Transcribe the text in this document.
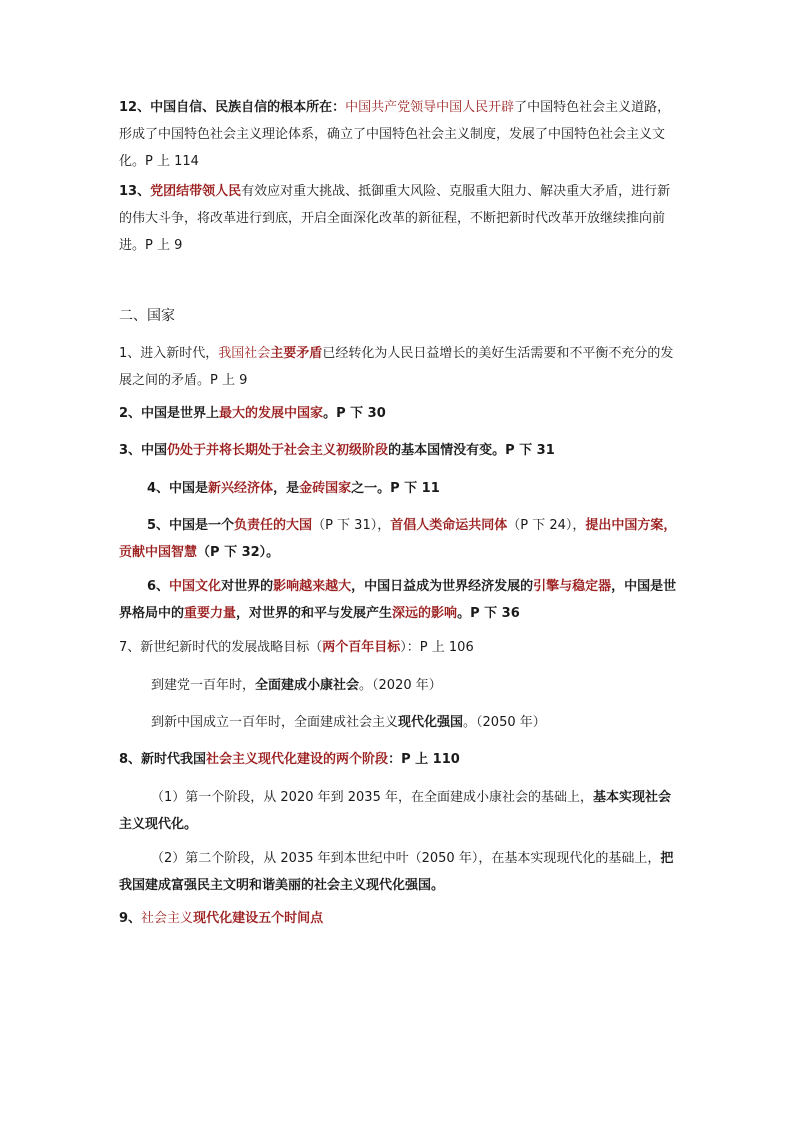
12、中国自信、民族自信的根本所在：中国共产党领导中国人民开辟了中国特色社会主义道路，形成了中国特色社会主义理论体系，确立了中国特色社会主义制度，发展了中国特色社会主义文化。P 上 114

13、党团结带领人民有效应对重大挑战、抵御重大风险、克服重大阻力、解决重大矛盾，进行新的伟大斗争，将改革进行到底，开启全面深化改革的新征程，不断把新时代改革开放继续推向前进。P 上 9

二、国家

1、进入新时代，我国社会主要矛盾已经转化为人民日益增长的美好生活需要和不平衡不充分的发展之间的矛盾。P 上 9

2、中国是世界上最大的发展中国家。P 下 30

3、中国仍处于并将长期处于社会主义初级阶段的基本国情没有变。P 下 31

4、中国是新兴经济体，是金砖国家之一。P 下 11

5、中国是一个负责任的大国（P 下 31），首倡人类命运共同体（P 下 24），提出中国方案，贡献中国智慧（P 下 32）。

6、中国文化对世界的影响越来越大，中国日益成为世界经济发展的引擎与稳定器，中国是世界格局中的重要力量，对世界的和平与发展产生深远的影响。P 下 36

7、新世纪新时代的发展战略目标（两个百年目标）：P 上 106

到建党一百年时，全面建成小康社会。（2020 年）

到新中国成立一百年时，全面建成社会主义现代化强国。（2050 年）

8、新时代我国社会主义现代化建设的两个阶段：P 上 110

（1）第一个阶段，从 2020 年到 2035 年，在全面建成小康社会的基础上，基本实现社会主义现代化。

（2）第二个阶段，从 2035 年到本世纪中叶（2050 年），在基本实现现代化的基础上，把我国建成富强民主文明和谐美丽的社会主义现代化强国。

9、社会主义现代化建设五个时间点
